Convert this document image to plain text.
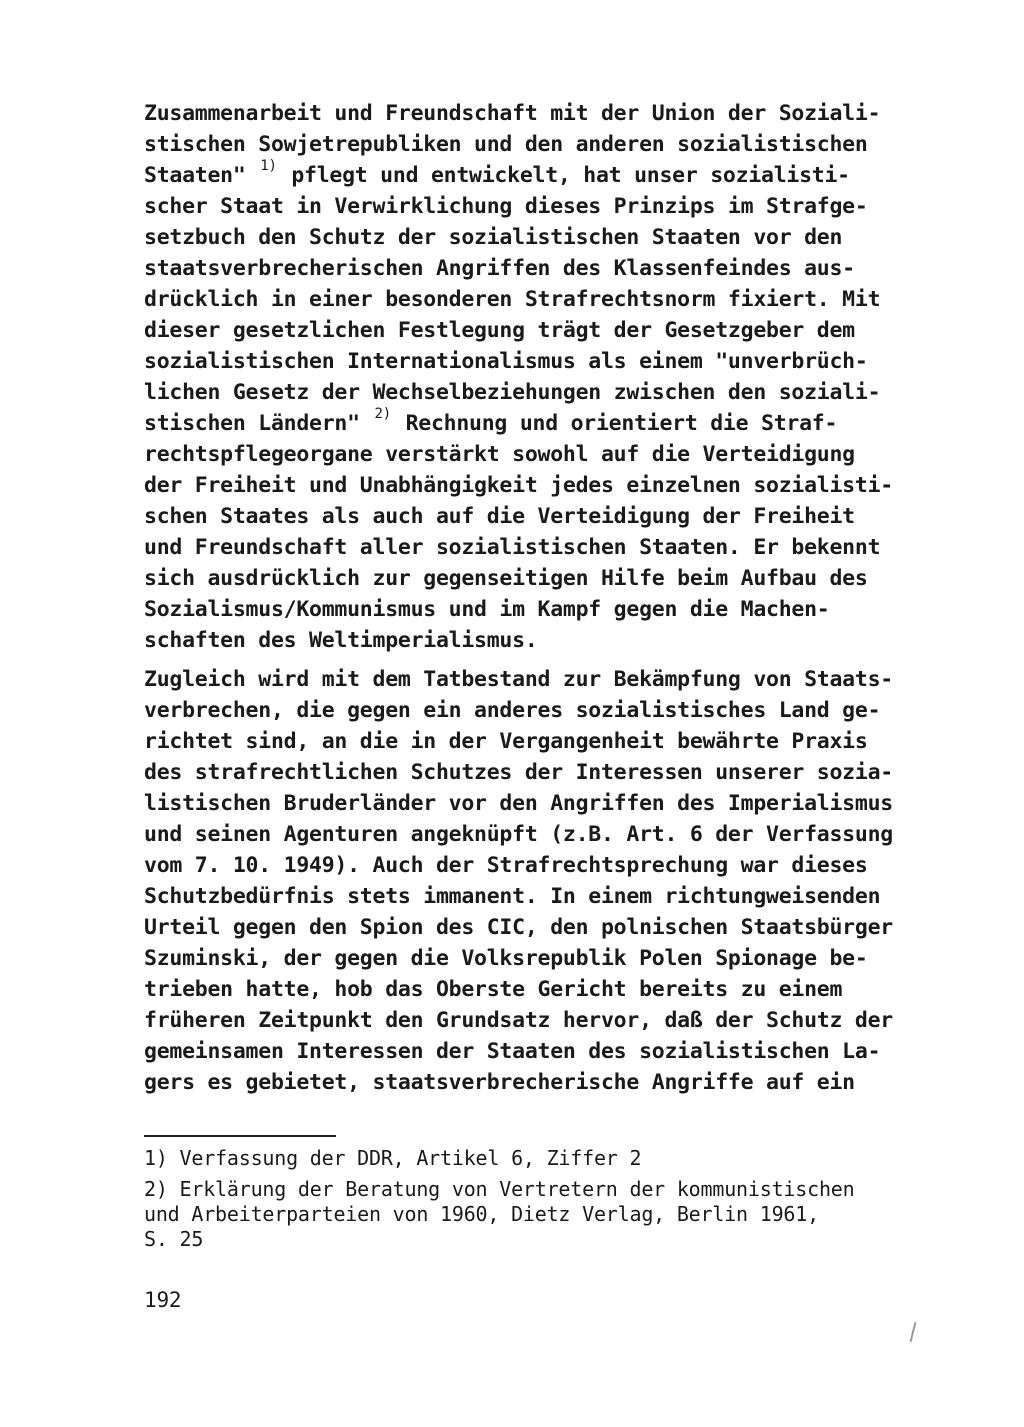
Zusammenarbeit und Freundschaft mit der Union der Soziali-
stischen Sowjetrepubliken und den anderen sozialistischen
Staaten" $^{1)}$ pflegt und entwickelt, hat unser sozialisti-
scher Staat in Verwirklichung dieses Prinzips im Strafge-
setzbuch den Schutz der sozialistischen Staaten vor den
staatsverbrecherischen Angriffen des Klassenfeindes aus-
drücklich in einer besonderen Strafrechtsnorm fixiert. Mit
dieser gesetzlichen Festlegung trägt der Gesetzgeber dem
sozialistischen Internationalismus als einem "unverbrüch-
lichen Gesetz der Wechselbeziehungen zwischen den soziali-
stischen Ländern" $^{2)}$ Rechnung und orientiert die Straf-
rechtspflegeorgane verstärkt sowohl auf die Verteidigung
der Freiheit und Unabhängigkeit jedes einzelnen sozialisti-
schen Staates als auch auf die Verteidigung der Freiheit
und Freundschaft aller sozialistischen Staaten. Er bekennt
sich ausdrücklich zur gegenseitigen Hilfe beim Aufbau des
Sozialismus/Kommunismus und im Kampf gegen die Machen-
schaften des Weltimperialismus.
Zugleich wird mit dem Tatbestand zur Bekämpfung von Staats-
verbrechen, die gegen ein anderes sozialistisches Land ge-
richtet sind, an die in der Vergangenheit bewährte Praxis
des strafrechtlichen Schutzes der Interessen unserer sozia-
listischen Bruderländer vor den Angriffen des Imperialismus
und seinen Agenturen angeknüpft (z.B. Art. 6 der Verfassung
vom 7. 10. 1949). Auch der Strafrechtsprechung war dieses
Schutzbedürfnis stets immanent. In einem richtungweisenden
Urteil gegen den Spion des CIC, den polnischen Staatsbürger
Szuminski, der gegen die Volksrepublik Polen Spionage be-
trieben hatte, hob das Oberste Gericht bereits zu einem
früheren Zeitpunkt den Grundsatz hervor, daß der Schutz der
gemeinsamen Interessen der Staaten des sozialistischen La-
gers es gebietet, staatsverbrecherische Angriffe auf ein
1) Verfassung der DDR, Artikel 6, Ziffer 2
2) Erklärung der Beratung von Vertretern der kommunistischen
und Arbeiterparteien von 1960, Dietz Verlag, Berlin 1961,
S. 25
192
